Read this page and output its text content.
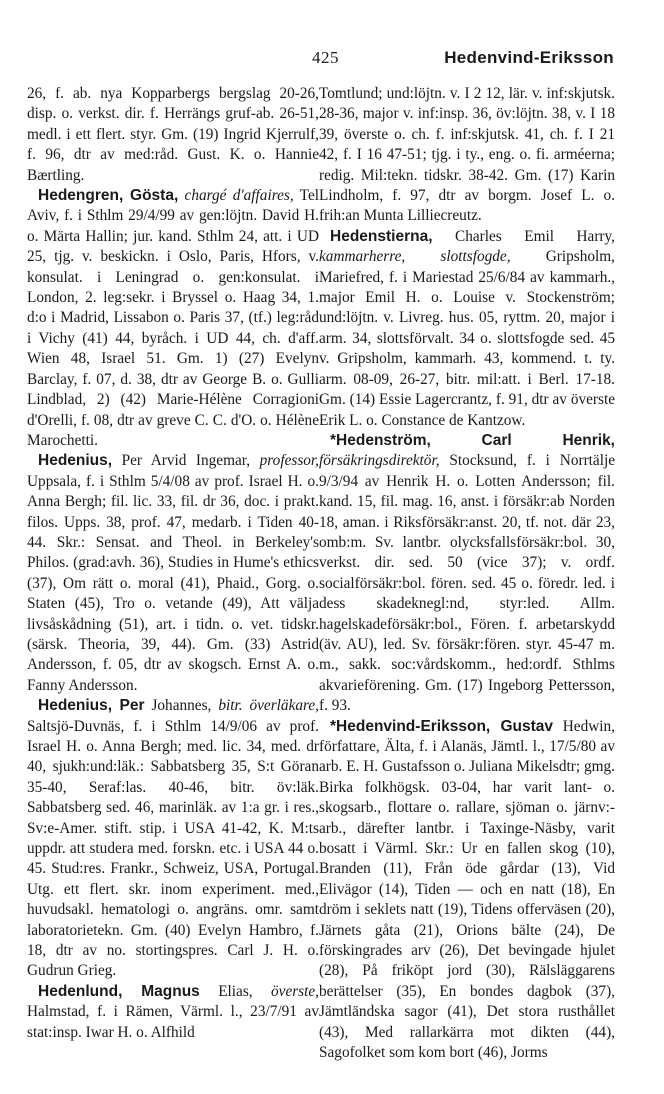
425	Hedenvind-Eriksson

26, f. ab. nya Kopparbergs bergslag 20-26, disp. o. verkst. dir. f. Herrängs gruf-ab. 26-51, medl. i ett flert. styr. Gm. (19) Ingrid Kjerrulf, f. 96, dtr av med:råd. Gust. K. o. Hannie Bærtling.

Hedengren, Gösta, chargé d'affaires, Tel Aviv, f. i Sthlm 29/4/99 av gen:löjtn. David H. o. Märta Hallin; jur. kand. Sthlm 24, att. i UD 25, tjg. v. beskickn. i Oslo, Paris, Hfors, v. konsulat. i Leningrad o. gen:konsulat. i London, 2. leg:sekr. i Bryssel o. Haag 34, 1. d:o i Madrid, Lissabon o. Paris 37, (tf.) leg:råd i Vichy (41) 44, byråch. i UD 44, ch. d'aff. Wien 48, Israel 51. Gm. 1) (27) Evelyn Barclay, f. 07, d. 38, dtr av George B. o. Gulli Lindblad, 2) (42) Marie-Hélène Corragioni d'Orelli, f. 08, dtr av greve C. C. d'O. o. Hélène Marochetti.

Hedenius, Per Arvid Ingemar, professor, Uppsala, f. i Sthlm 5/4/08 av prof. Israel H. o. Anna Bergh; fil. lic. 33, fil. dr 36, doc. i prakt. filos. Upps. 38, prof. 47, medarb. i Tiden 40-44. Skr.: Sensat. and Theol. in Berkeley's Philos. (grad:avh. 36), Studies in Hume's ethics (37), Om rätt o. moral (41), Phaid., Gorg. o. Staten (45), Tro o. vetande (49), Att välja livsåskådning (51), art. i tidn. o. vet. tidskr. (särsk. Theoria, 39, 44). Gm. (33) Astrid Andersson, f. 05, dtr av skogsch. Ernst A. o. Fanny Andersson.

Hedenius, Per Johannes, bitr. överläkare, Saltsjö-Duvnäs, f. i Sthlm 14/9/06 av prof. Israel H. o. Anna Bergh; med. lic. 34, med. dr 40, sjukh:und:läk.: Sabbatsberg 35, S:t Göran 35-40, Seraf:las. 40-46, bitr. öv:läk. Sabbatsberg sed. 46, marinläk. av 1:a gr. i res., Sv:e-Amer. stift. stip. i USA 41-42, K. M:ts uppdr. att studera med. forskn. etc. i USA 44 o. 45. Stud:res. Frankr., Schweiz, USA, Portugal. Utg. ett flert. skr. inom experiment. med., huvudsakl. hematologi o. angräns. omr. samt laboratorietekn. Gm. (40) Evelyn Hambro, f. 18, dtr av no. stortingspres. Carl J. H. o. Gudrun Grieg.

Hedenlund, Magnus Elias, överste, Halmstad, f. i Rämen, Värml. l., 23/7/91 av stat:insp. Iwar H. o. Alfhild

Tomtlund; und:löjtn. v. I 2 12, lär. v. inf:skjutsk. 28-36, major v. inf:insp. 36, öv:löjtn. 38, v. I 18 39, överste o. ch. f. inf:skjutsk. 41, ch. f. I 21 42, f. I 16 47-51; tjg. i ty., eng. o. fi. arméerna; redig. Mil:tekn. tidskr. 38-42. Gm. (17) Karin Lindholm, f. 97, dtr av borgm. Josef L. o. frih:an Munta Lilliecreutz.

Hedenstierna, Charles Emil Harry, kammarherre, slottsfogde, Gripsholm, Mariefred, f. i Mariestad 25/6/84 av kammarh., major Emil H. o. Louise v. Stockenström; und:löjtn. v. Livreg. hus. 05, ryttm. 20, major i arm. 34, slottsförvalt. 34 o. slottsfogde sed. 45 v. Gripsholm, kammarh. 43, kommend. t. ty. arm. 08-09, 26-27, bitr. mil:att. i Berl. 17-18. Gm. (14) Essie Lagercrantz, f. 91, dtr av överste Erik L. o. Constance de Kantzow.

*Hedenström, Carl Henrik, försäkringsdirektör, Stocksund, f. i Norrtälje 9/3/94 av Henrik H. o. Lotten Andersson; fil. kand. 15, fil. mag. 16, anst. i försäkr:ab Norden 18, aman. i Riksförsäkr:anst. 20, tf. not. där 23, omb:m. Sv. lantbr. olycksfallsförsäkr:bol. 30, verkst. dir. sed. 50 (vice 37); v. ordf. socialförsäkr:bol. fören. sed. 45 o. föredr. led. i dess skadeknegl:nd, styr:led. Allm. hagelskadeförsäkr:bol., Fören. f. arbetarskydd (äv. AU), led. Sv. försäkr:fören. styr. 45-47 m. m., sakk. soc:vårdskomm., hed:ordf. Sthlms akvarieförening. Gm. (17) Ingeborg Pettersson, f. 93.

*Hedenvind-Eriksson, Gustav Hedwin, författare, Älta, f. i Alanäs, Jämtl. l., 17/5/80 av arb. E. H. Gustafsson o. Juliana Mikelsdtr; gmg. Birka folkhögsk. 03-04, har varit lant- o. skogsarb., flottare o. rallare, sjöman o. järnv:-arb., därefter lantbr. i Taxinge-Näsby, varit bosatt i Värml. Skr.: Ur en fallen skog (10), Branden (11), Från öde gårdar (13), Vid Elivägor (14), Tiden — och en natt (18), En dröm i seklets natt (19), Tidens offerväsen (20), Järnets gåta (21), Orions bälte (24), De förskingrades arv (26), Det bevingade hjulet (28), På friköpt jord (30), Rälsläggarens berättelser (35), En bondes dagbok (37), Jämtländska sagor (41), Det stora rusthållet (43), Med rallarkärra mot dikten (44), Sagofolket som kom bort (46), Jorms
